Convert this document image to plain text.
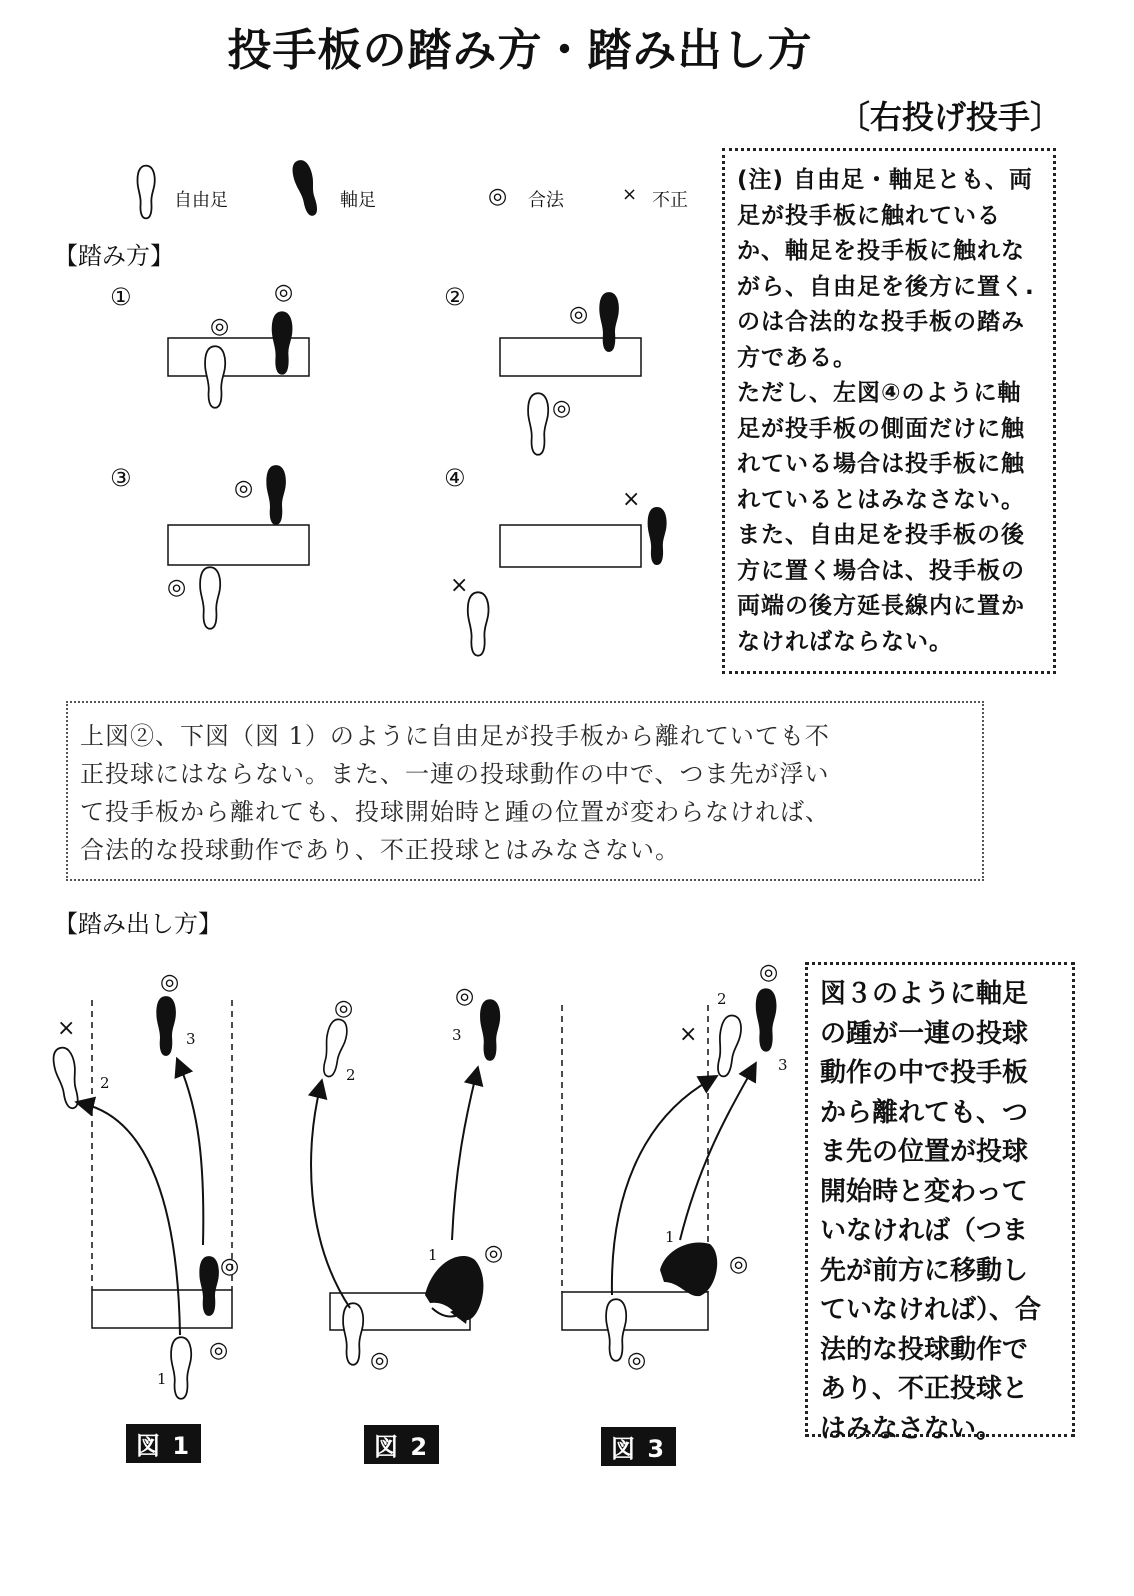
投手板の踏み方・踏み出し方
〔右投げ投手〕
自由足	軸足	◎ 合法	× 不正
【踏み方】
①	②
③	④
◎
◎	◎
◎
◎
◎
×
×
(注) 自由足・軸足とも、両
足が投手板に触れている
か、軸足を投手板に触れな
がら、自由足を後方に置く.
のは合法的な投手板の踏み
方である。
ただし、左図④のように軸
足が投手板の側面だけに触
れている場合は投手板に触
れているとはみなさない。
また、自由足を投手板の後
方に置く場合は、投手板の
両端の後方延長線内に置か
なければならない。
上図②、下図（図 1）のように自由足が投手板から離れていても不
正投球にはならない。また、一連の投球動作の中で、つま先が浮い
て投手板から離れても、投球開始時と踵の位置が変わらなければ、
合法的な投球動作であり、不正投球とはみなさない。
【踏み出し方】
◎
×
◎
◎
3
2
1
◎	◎
◎
◎
3
2
1
◎
×
◎
◎
2
3
1
図 1	図 2	図 3
図３のように軸足
の踵が一連の投球
動作の中で投手板
から離れても、つ
ま先の位置が投球
開始時と変わって
いなければ（つま
先が前方に移動し
ていなければ）、合
法的な投球動作で
あり、不正投球と
はみなさない。
